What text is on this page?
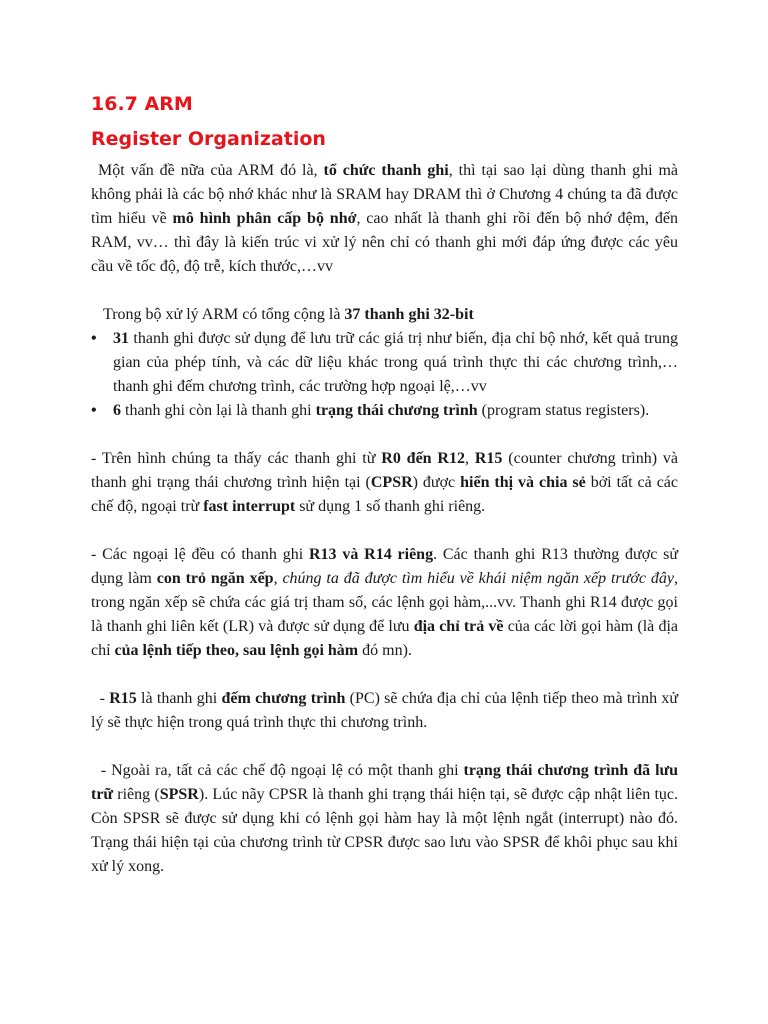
16.7 ARM
Register Organization

Một vấn đề nữa của ARM đó là, tổ chức thanh ghi, thì tại sao lại dùng thanh ghi mà không phải là các bộ nhớ khác như là SRAM hay DRAM thì ở Chương 4 chúng ta đã được tìm hiểu về mô hình phân cấp bộ nhớ, cao nhất là thanh ghi rồi đến bộ nhớ đệm, đến RAM, vv… thì đây là kiến trúc vi xử lý nên chỉ có thanh ghi mới đáp ứng được các yêu cầu về tốc độ, độ trễ, kích thước,…vv

Trong bộ xử lý ARM có tổng cộng là 37 thanh ghi 32-bit

• 31 thanh ghi được sử dụng để lưu trữ các giá trị như biến, địa chỉ bộ nhớ, kết quả trung gian của phép tính, và các dữ liệu khác trong quá trình thực thi các chương trình,… thanh ghi đếm chương trình, các trường hợp ngoại lệ,…vv
• 6 thanh ghi còn lại là thanh ghi trạng thái chương trình (program status registers).

- Trên hình chúng ta thấy các thanh ghi từ R0 đến R12, R15 (counter chương trình) và thanh ghi trạng thái chương trình hiện tại (CPSR) được hiển thị và chia sẻ bởi tất cả các chế độ, ngoại trừ fast interrupt sử dụng 1 số thanh ghi riêng.

- Các ngoại lệ đều có thanh ghi R13 và R14 riêng. Các thanh ghi R13 thường được sử dụng làm con trỏ ngăn xếp, chúng ta đã được tìm hiểu về khái niệm ngăn xếp trước đây, trong ngăn xếp sẽ chứa các giá trị tham số, các lệnh gọi hàm,...vv. Thanh ghi R14 được gọi là thanh ghi liên kết (LR) và được sử dụng để lưu địa chỉ trả về của các lời gọi hàm (là địa chỉ của lệnh tiếp theo, sau lệnh gọi hàm đó mn).

- R15 là thanh ghi đếm chương trình (PC) sẽ chứa địa chỉ của lệnh tiếp theo mà trình xử lý sẽ thực hiện trong quá trình thực thi chương trình.

- Ngoài ra, tất cả các chế độ ngoại lệ có một thanh ghi trạng thái chương trình đã lưu trữ riêng (SPSR). Lúc nãy CPSR là thanh ghi trạng thái hiện tại, sẽ được cập nhật liên tục. Còn SPSR sẽ được sử dụng khi có lệnh gọi hàm hay là một lệnh ngắt (interrupt) nào đó. Trạng thái hiện tại của chương trình từ CPSR được sao lưu vào SPSR để khôi phục sau khi xử lý xong.
